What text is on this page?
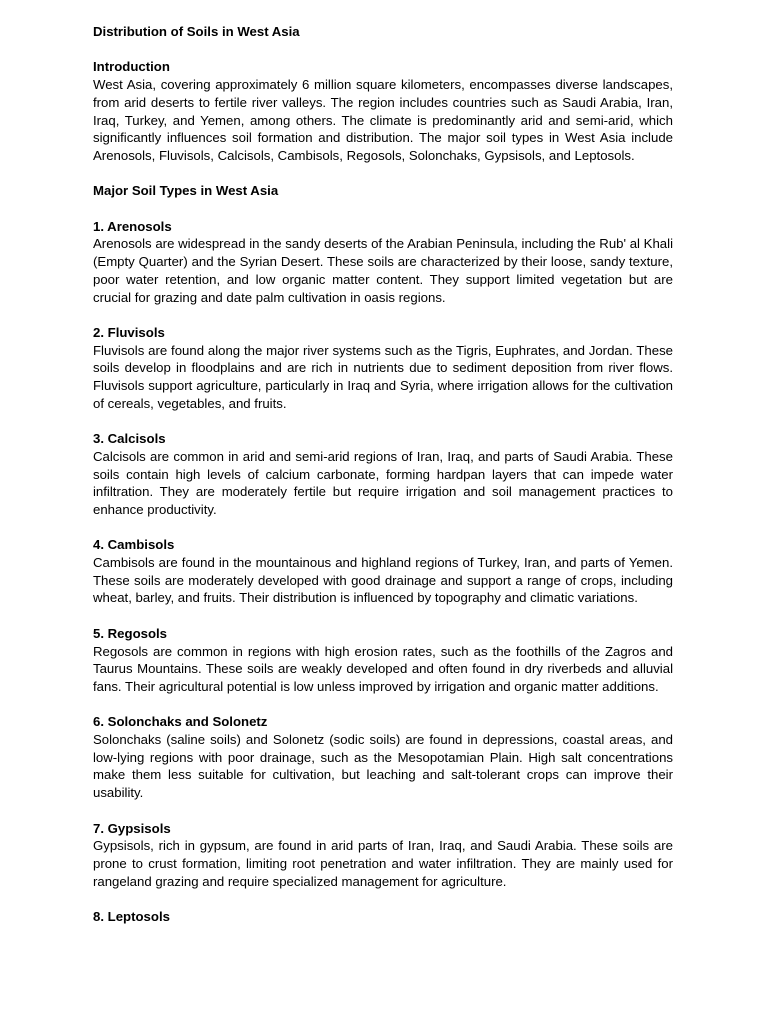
Distribution of Soils in West Asia
Introduction

West Asia, covering approximately 6 million square kilometers, encompasses diverse landscapes, from arid deserts to fertile river valleys. The region includes countries such as Saudi Arabia, Iran, Iraq, Turkey, and Yemen, among others. The climate is predominantly arid and semi-arid, which significantly influences soil formation and distribution. The major soil types in West Asia include Arenosols, Fluvisols, Calcisols, Cambisols, Regosols, Solonchaks, Gypsisols, and Leptosols.

Major Soil Types in West Asia
1. Arenosols

Arenosols are widespread in the sandy deserts of the Arabian Peninsula, including the Rub' al Khali (Empty Quarter) and the Syrian Desert. These soils are characterized by their loose, sandy texture, poor water retention, and low organic matter content. They support limited vegetation but are crucial for grazing and date palm cultivation in oasis regions.

2. Fluvisols

Fluvisols are found along the major river systems such as the Tigris, Euphrates, and Jordan. These soils develop in floodplains and are rich in nutrients due to sediment deposition from river flows. Fluvisols support agriculture, particularly in Iraq and Syria, where irrigation allows for the cultivation of cereals, vegetables, and fruits.

3. Calcisols

Calcisols are common in arid and semi-arid regions of Iran, Iraq, and parts of Saudi Arabia. These soils contain high levels of calcium carbonate, forming hardpan layers that can impede water infiltration. They are moderately fertile but require irrigation and soil management practices to enhance productivity.

4. Cambisols

Cambisols are found in the mountainous and highland regions of Turkey, Iran, and parts of Yemen. These soils are moderately developed with good drainage and support a range of crops, including wheat, barley, and fruits. Their distribution is influenced by topography and climatic variations.

5. Regosols

Regosols are common in regions with high erosion rates, such as the foothills of the Zagros and Taurus Mountains. These soils are weakly developed and often found in dry riverbeds and alluvial fans. Their agricultural potential is low unless improved by irrigation and organic matter additions.

6. Solonchaks and Solonetz

Solonchaks (saline soils) and Solonetz (sodic soils) are found in depressions, coastal areas, and low-lying regions with poor drainage, such as the Mesopotamian Plain. High salt concentrations make them less suitable for cultivation, but leaching and salt-tolerant crops can improve their usability.

7. Gypsisols

Gypsisols, rich in gypsum, are found in arid parts of Iran, Iraq, and Saudi Arabia. These soils are prone to crust formation, limiting root penetration and water infiltration. They are mainly used for rangeland grazing and require specialized management for agriculture.

8. Leptosols
